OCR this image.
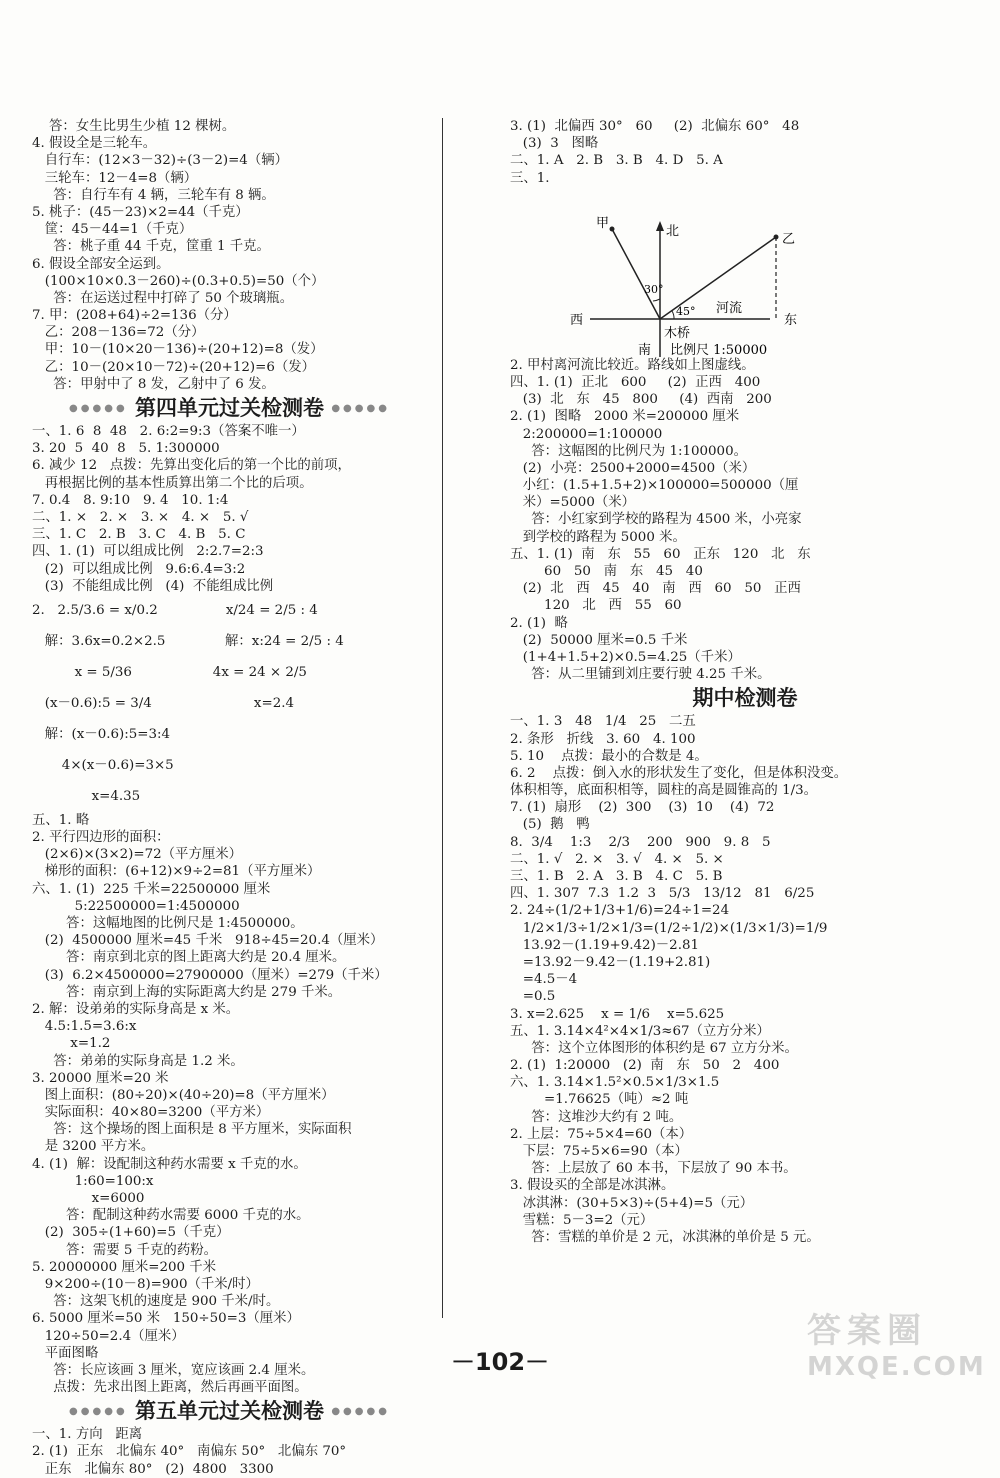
答：女生比男生少植 12 棵树。
4. 假设全是三轮车。
自行车：(12×3－32)÷(3－2)=4（辆）
三轮车：12－4=8（辆）
答：自行车有 4 辆，三轮车有 8 辆。
5. 桃子：(45－23)×2=44（千克）
筐：45－44=1（千克）
答：桃子重 44 千克，筐重 1 千克。
6. 假设全部安全运到。
(100×10×0.3－260)÷(0.3+0.5)=50（个）
答：在运送过程中打碎了 50 个玻璃瓶。
7. 甲：(208+64)÷2=136（分）
乙：208－136=72（分）
甲：10－(10×20－136)÷(20+12)=8（发）
乙：10－(20×10－72)÷(20+12)=6（发）
答：甲射中了 8 发，乙射中了 6 发。
●●●●● 第四单元过关检测卷 ●●●●●
一、1. 6  8  48   2. 6:2=9:3（答案不唯一）
3. 20  5  40  8   5. 1:300000
6. 减少 12   点拨：先算出变化后的第一个比的前项，
再根据比例的基本性质算出第二个比的后项。
7. 0.4   8. 9:10   9. 4   10. 1:4
二、1. ×   2. ×   3. ×   4. ×   5. √
三、1. C   2. B   3. C   4. B   5. C
四、1. (1)  可以组成比例   2:2.7=2:3
(2)  可以组成比例   9.6:6.4=3:2
(3)  不能组成比例   (4)  不能组成比例
2.   2.5/3.6 = x/0.2                x/24 = 2/5 : 4
解：3.6x=0.2×2.5              解：x:24 = 2/5 : 4
x = 5/36                   4x = 24 × 2/5
(x－0.6):5 = 3/4                        x=2.4
解：(x－0.6):5=3:4
4×(x－0.6)=3×5
x=4.35
五、1. 略
2. 平行四边形的面积：
(2×6)×(3×2)=72（平方厘米）
梯形的面积：(6+12)×9÷2=81（平方厘米）
六、1. (1)  225 千米=22500000 厘米
5:22500000=1:4500000
答：这幅地图的比例尺是 1:4500000。
(2)  4500000 厘米=45 千米   918÷45=20.4（厘米）
答：南京到北京的图上距离大约是 20.4 厘米。
(3)  6.2×4500000=27900000（厘米）=279（千米）
答：南京到上海的实际距离大约是 279 千米。
2. 解：设弟弟的实际身高是 x 米。
4.5:1.5=3.6:x
x=1.2
答：弟弟的实际身高是 1.2 米。
3. 20000 厘米=20 米
图上面积：(80÷20)×(40÷20)=8（平方厘米）
实际面积：40×80=3200（平方米）
答：这个操场的图上面积是 8 平方厘米，实际面积
是 3200 平方米。
4. (1)  解：设配制这种药水需要 x 千克的水。
1:60=100:x
x=6000
答：配制这种药水需要 6000 千克的水。
(2)  305÷(1+60)=5（千克）
答：需要 5 千克的药粉。
5. 20000000 厘米=200 千米
9×200÷(10－8)=900（千米/时）
答：这架飞机的速度是 900 千米/时。
6. 5000 厘米=50 米   150÷50=3（厘米）
120÷50=2.4（厘米）
平面图略
答：长应该画 3 厘米，宽应该画 2.4 厘米。
点拨：先求出图上距离，然后再画平面图。
●●●●● 第五单元过关检测卷 ●●●●●
一、1. 方向   距离
2. (1)  正东   北偏东 40°   南偏东 50°   北偏东 70°
正东   北偏东 80°   (2)  4800   3300
3. (1)  北偏西 30°   60     (2)  北偏东 60°   48
(3)  3   图略
二、1. A   2. B   3. B   4. D   5. A
三、1.
甲
乙
北
西	东
30°
45° 河流
木桥
南 比例尺 1:50000
2. 甲村离河流比较近。路线如上图虚线。
四、1. (1)  正北   600     (2)  正西   400
(3)  北   东   45   800     (4)  西南   200
2. (1)  图略   2000 米=200000 厘米
2:200000=1:100000
答：这幅图的比例尺为 1:100000。
(2)  小亮：2500+2000=4500（米）
小红：(1.5+1.5+2)×100000=500000（厘
米）=5000（米）
答：小红家到学校的路程为 4500 米，小亮家
到学校的路程为 5000 米。
五、1. (1)  南   东   55   60   正东   120   北   东
60   50   南   东   45   40
(2)  北   西   45   40   南   西   60   50   正西
120   北   西   55   60
2. (1)  略
(2)  50000 厘米=0.5 千米
(1+4+1.5+2)×0.5=4.25（千米）
答：从二里铺到刘庄要行驶 4.25 千米。
期中检测卷
一、1. 3   48   1/4   25   二五
2. 条形   折线   3. 60   4. 100
5. 10    点拨：最小的合数是 4。
6. 2    点拨：倒入水的形状发生了变化，但是体积没变。
体积相等，底面积相等，圆柱的高是圆锥高的 1/3。
7. (1)  扇形    (2)  300    (3)  10    (4)  72
(5)  鹅   鸭
8.  3/4    1:3    2/3    200   900   9. 8   5
二、1. √   2. ×   3. √   4. ×   5. ×
三、1. B   2. A   3. B   4. C   5. B
四、1. 307  7.3  1.2  3   5/3   13/12   81   6/25
2. 24÷(1/2+1/3+1/6)=24÷1=24
1/2×1/3÷1/2×1/3=(1/2÷1/2)×(1/3×1/3)=1/9
13.92－(1.19+9.42)－2.81
=13.92－9.42－(1.19+2.81)
=4.5－4
=0.5
3. x=2.625    x = 1/6    x=5.625
五、1. 3.14×4²×4×1/3≈67（立方分米）
答：这个立体图形的体积约是 67 立方分米。
2. (1)  1:20000   (2)  南   东   50   2   400
六、1. 3.14×1.5²×0.5×1/3×1.5
=1.76625（吨）≈2 吨
答：这堆沙大约有 2 吨。
2. 上层：75÷5×4=60（本）
下层：75÷5×6=90（本）
答：上层放了 60 本书，下层放了 90 本书。
3. 假设买的全部是冰淇淋。
冰淇淋：(30+5×3)÷(5+4)=5（元）
雪糕：5－3=2（元）
答：雪糕的单价是 2 元，冰淇淋的单价是 5 元。
－102－
答案圈
MXQE.COM
